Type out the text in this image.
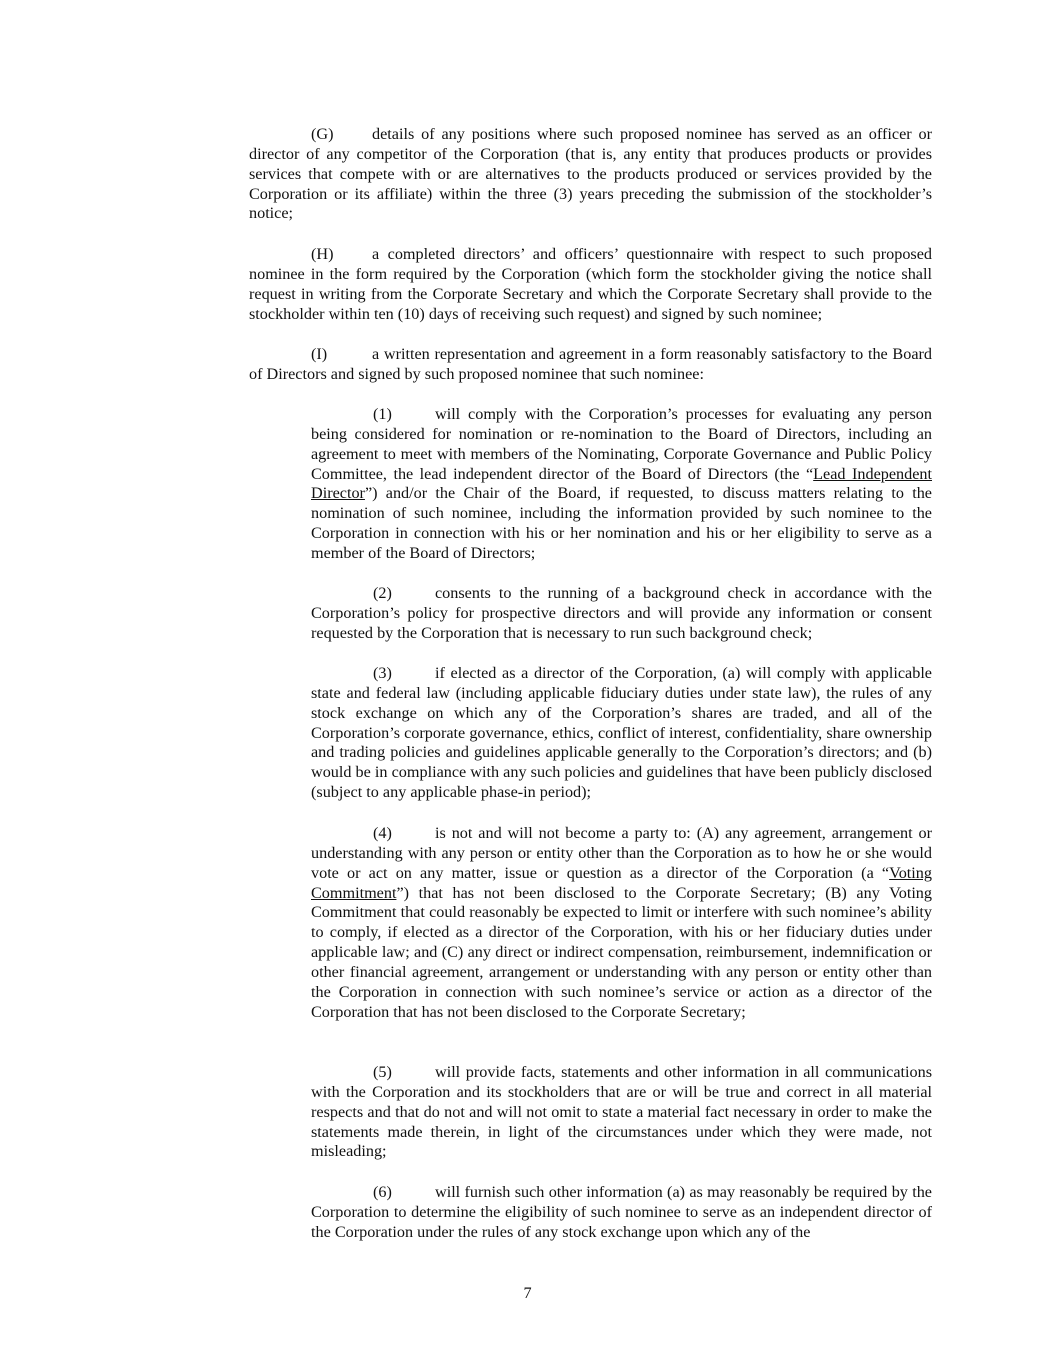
(G) details of any positions where such proposed nominee has served as an officer or director of any competitor of the Corporation (that is, any entity that produces products or provides services that compete with or are alternatives to the products produced or services provided by the Corporation or its affiliate) within the three (3) years preceding the submission of the stockholder’s notice;

(H) a completed directors’ and officers’ questionnaire with respect to such proposed nominee in the form required by the Corporation (which form the stockholder giving the notice shall request in writing from the Corporate Secretary and which the Corporate Secretary shall provide to the stockholder within ten (10) days of receiving such request) and signed by such nominee;

(I)	a written representation and agreement in a form reasonably satisfactory to the Board of Directors and signed by such proposed nominee that such nominee:

(1)	will comply with the Corporation’s processes for evaluating any person being considered for nomination or re-nomination to the Board of Directors, including an agreement to meet with members of the Nominating, Corporate Governance and Public Policy Committee, the lead independent director of the Board of Directors (the “Lead Independent Director”) and/or the Chair of the Board, if requested, to discuss matters relating to the nomination of such nominee, including the information provided by such nominee to the Corporation in connection with his or her nomination and his or her eligibility to serve as a member of the Board of Directors;

(2)	consents to the running of a background check in accordance with the Corporation’s policy for prospective directors and will provide any information or consent requested by the Corporation that is necessary to run such background check;

(3)	if elected as a director of the Corporation, (a) will comply with applicable state and federal law (including applicable fiduciary duties under state law), the rules of any stock exchange on which any of the Corporation’s shares are traded, and all of the Corporation’s corporate governance, ethics, conflict of interest, confidentiality, share ownership and trading policies and guidelines applicable generally to the Corporation’s directors; and (b) would be in compliance with any such policies and guidelines that have been publicly disclosed (subject to any applicable phase-in period);

(4)	is not and will not become a party to: (A) any agreement, arrangement or understanding with any person or entity other than the Corporation as to how he or she would vote or act on any matter, issue or question as a director of the Corporation (a “Voting Commitment”) that has not been disclosed to the Corporate Secretary; (B) any Voting Commitment that could reasonably be expected to limit or interfere with such nominee’s ability to comply, if elected as a director of the Corporation, with his or her fiduciary duties under applicable law; and (C) any direct or indirect compensation, reimbursement, indemnification or other financial agreement, arrangement or understanding with any person or entity other than the Corporation in connection with such nominee’s service or action as a director of the Corporation that has not been disclosed to the Corporate Secretary;

(5)	will provide facts, statements and other information in all communications with the Corporation and its stockholders that are or will be true and correct in all material respects and that do not and will not omit to state a material fact necessary in order to make the statements made therein, in light of the circumstances under which they were made, not misleading;

(6)	will furnish such other information (a) as may reasonably be required by the Corporation to determine the eligibility of such nominee to serve as an independent director of the Corporation under the rules of any stock exchange upon which any of the

7
